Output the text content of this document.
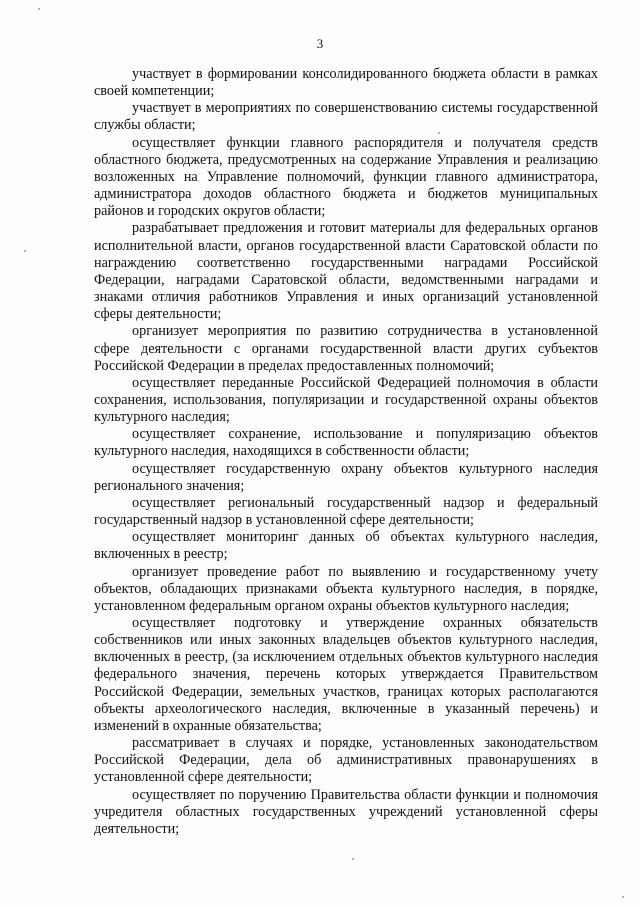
3

участвует в формировании консолидированного бюджета области в рамках своей компетенции;

участвует в мероприятиях по совершенствованию системы государственной службы области;

осуществляет функции главного распорядителя и получателя средств областного бюджета, предусмотренных на содержание Управления и реализацию возложенных на Управление полномочий, функции главного администратора, администратора доходов областного бюджета и бюджетов муниципальных районов и городских округов области;

разрабатывает предложения и готовит материалы для федеральных органов исполнительной власти, органов государственной власти Саратовской области по награждению соответственно государственными наградами Российской Федерации, наградами Саратовской области, ведомственными наградами и знаками отличия работников Управления и иных организаций установленной сферы деятельности;

организует мероприятия по развитию сотрудничества в установленной сфере деятельности с органами государственной власти других субъектов Российской Федерации в пределах предоставленных полномочий;

осуществляет переданные Российской Федерацией полномочия в области сохранения, использования, популяризации и государственной охраны объектов культурного наследия;

осуществляет сохранение, использование и популяризацию объектов культурного наследия, находящихся в собственности области;

осуществляет государственную охрану объектов культурного наследия регионального значения;

осуществляет региональный государственный надзор и федеральный государственный надзор в установленной сфере деятельности;

осуществляет мониторинг данных об объектах культурного наследия, включенных в реестр;

организует проведение работ по выявлению и государственному учету объектов, обладающих признаками объекта культурного наследия, в порядке, установленном федеральным органом охраны объектов культурного наследия;

осуществляет подготовку и утверждение охранных обязательств собственников или иных законных владельцев объектов культурного наследия, включенных в реестр, (за исключением отдельных объектов культурного наследия федерального значения, перечень которых утверждается Правительством Российской Федерации, земельных участков, границах которых располагаются объекты археологического наследия, включенные в указанный перечень) и изменений в охранные обязательства;

рассматривает в случаях и порядке, установленных законодательством Российской Федерации, дела об административных правонарушениях в установленной сфере деятельности;

осуществляет по поручению Правительства области функции и полномочия учредителя областных государственных учреждений установленной сферы деятельности;
